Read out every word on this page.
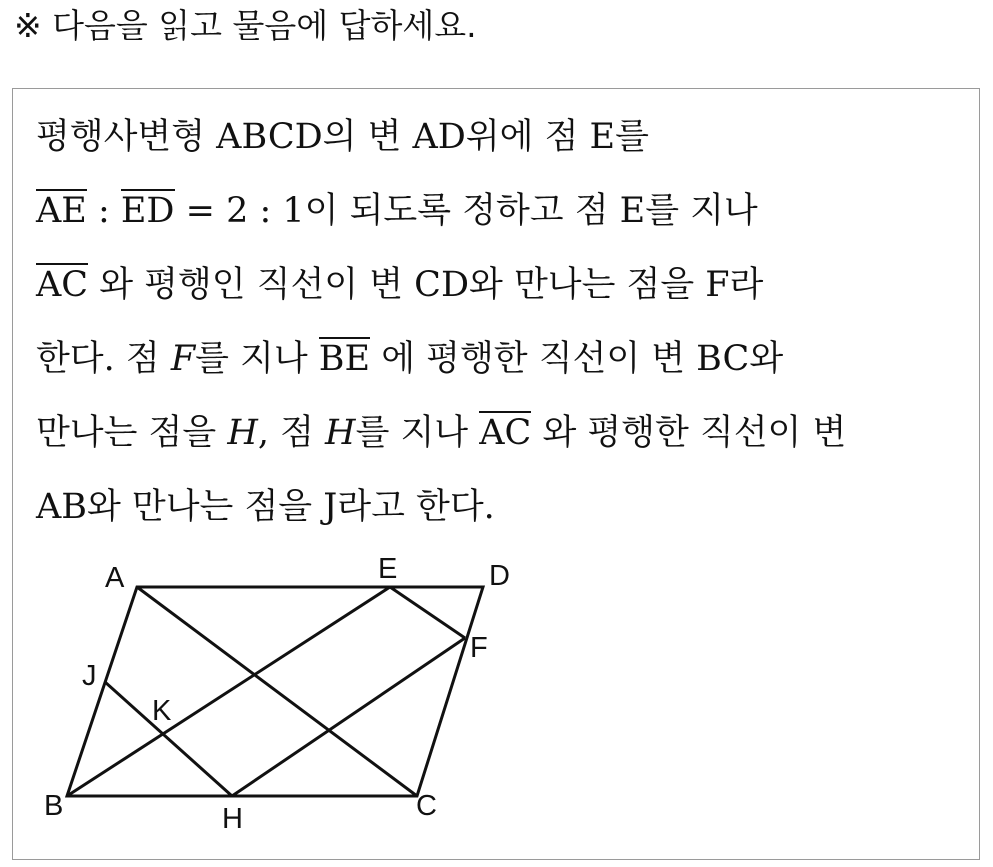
※ 다음을 읽고 물음에 답하세요.
평행사변형 ABCD의 변 AD위에 점 E를
AE : ED = 2 : 1이 되도록 정하고 점 E를 지나
AC 와 평행인 직선이 변 CD와 만나는 점을 F라
한다. 점 F를 지나 BE 에 평행한 직선이 변 BC와
만나는 점을 H, 점 H를 지나 AC 와 평행한 직선이 변
AB와 만나는 점을 J라고 한다.
A	E	D
F
J
K
B	H	C
